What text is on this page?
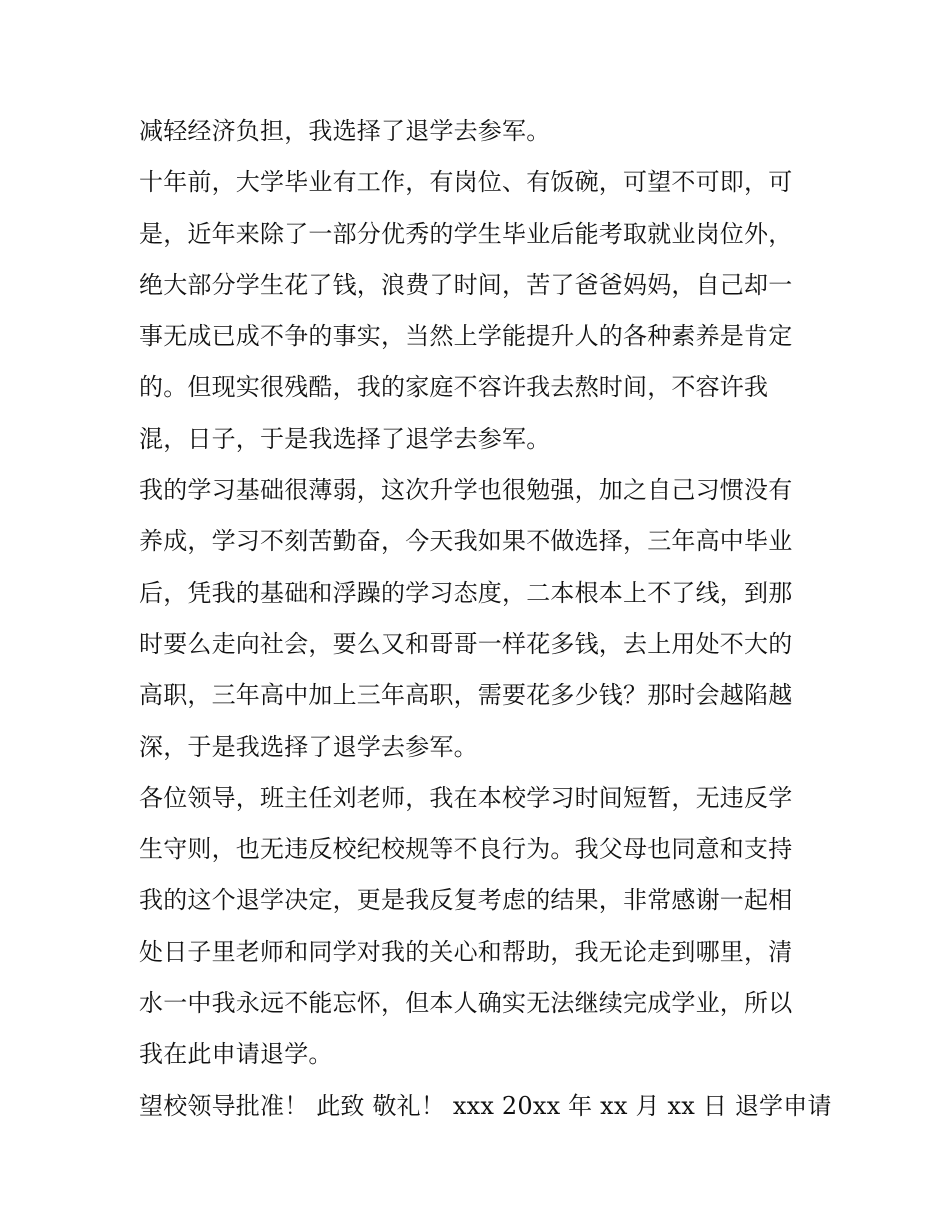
减轻经济负担，我选择了退学去参军。
十年前，大学毕业有工作，有岗位、有饭碗，可望不可即，可
是，近年来除了一部分优秀的学生毕业后能考取就业岗位外，
绝大部分学生花了钱，浪费了时间，苦了爸爸妈妈，自己却一
事无成已成不争的事实，当然上学能提升人的各种素养是肯定
的。但现实很残酷，我的家庭不容许我去熬时间，不容许我
混，日子，于是我选择了退学去参军。
我的学习基础很薄弱，这次升学也很勉强，加之自己习惯没有
养成，学习不刻苦勤奋，今天我如果不做选择，三年高中毕业
后，凭我的基础和浮躁的学习态度，二本根本上不了线，到那
时要么走向社会，要么又和哥哥一样花多钱，去上用处不大的
高职，三年高中加上三年高职，需要花多少钱？那时会越陷越
深，于是我选择了退学去参军。
各位领导，班主任刘老师，我在本校学习时间短暂，无违反学
生守则，也无违反校纪校规等不良行为。我父母也同意和支持
我的这个退学决定，更是我反复考虑的结果，非常感谢一起相
处日子里老师和同学对我的关心和帮助，我无论走到哪里，清
水一中我永远不能忘怀，但本人确实无法继续完成学业，所以
我在此申请退学。
望校领导批准！ 此致 敬礼！ xxx 20xx 年 xx 月 xx 日 退学申请
